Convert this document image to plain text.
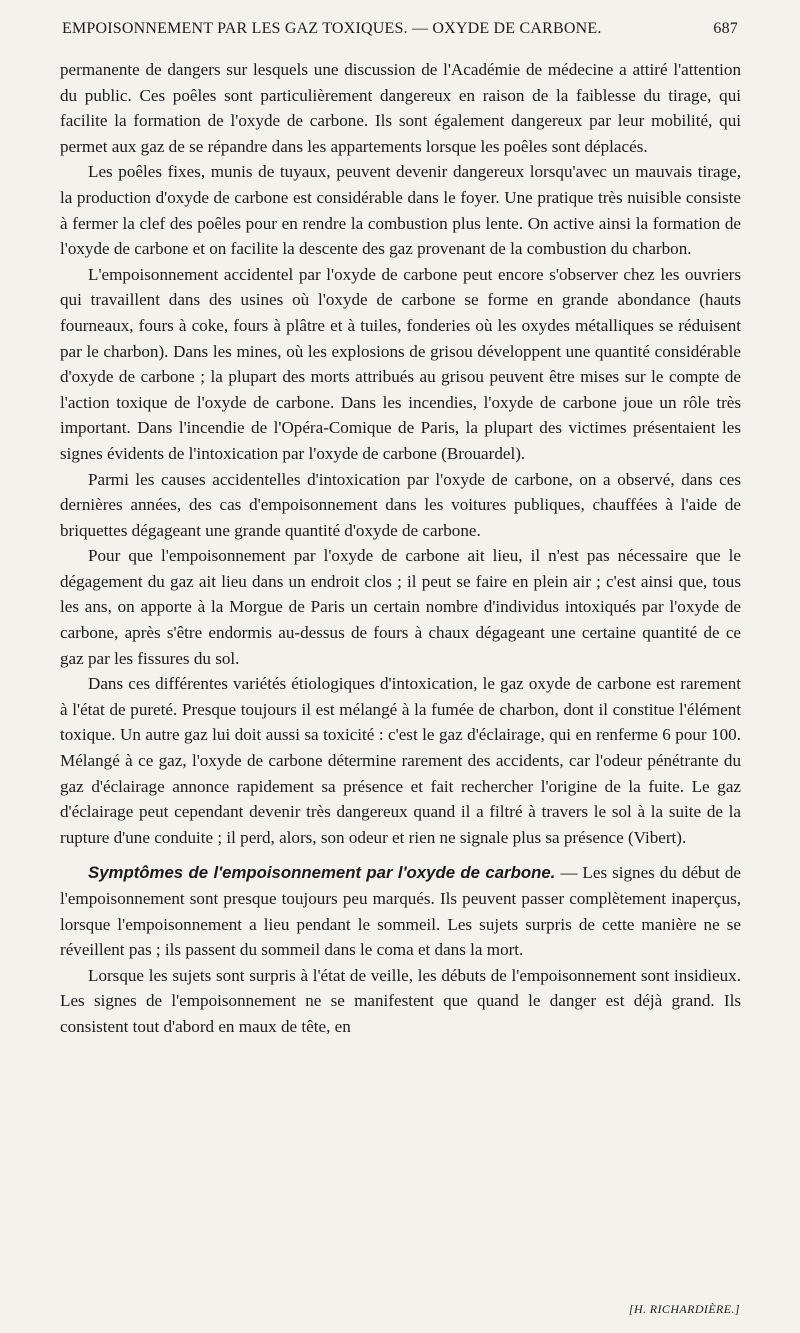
EMPOISONNEMENT PAR LES GAZ TOXIQUES. — OXYDE DE CARBONE.	687

permanente de dangers sur lesquels une discussion de l'Académie de médecine a attiré l'attention du public. Ces poêles sont particulièrement dangereux en raison de la faiblesse du tirage, qui facilite la formation de l'oxyde de carbone. Ils sont également dangereux par leur mobilité, qui permet aux gaz de se répandre dans les appartements lorsque les poêles sont déplacés.

Les poêles fixes, munis de tuyaux, peuvent devenir dangereux lorsqu'avec un mauvais tirage, la production d'oxyde de carbone est considérable dans le foyer. Une pratique très nuisible consiste à fermer la clef des poêles pour en rendre la combustion plus lente. On active ainsi la formation de l'oxyde de carbone et on facilite la descente des gaz provenant de la combustion du charbon.

L'empoisonnement accidentel par l'oxyde de carbone peut encore s'observer chez les ouvriers qui travaillent dans des usines où l'oxyde de carbone se forme en grande abondance (hauts fourneaux, fours à coke, fours à plâtre et à tuiles, fonderies où les oxydes métalliques se réduisent par le charbon). Dans les mines, où les explosions de grisou développent une quantité considérable d'oxyde de carbone ; la plupart des morts attribués au grisou peuvent être mises sur le compte de l'action toxique de l'oxyde de carbone. Dans les incendies, l'oxyde de carbone joue un rôle très important. Dans l'incendie de l'Opéra-Comique de Paris, la plupart des victimes présentaient les signes évidents de l'intoxication par l'oxyde de carbone (Brouardel).

Parmi les causes accidentelles d'intoxication par l'oxyde de carbone, on a observé, dans ces dernières années, des cas d'empoisonnement dans les voitures publiques, chauffées à l'aide de briquettes dégageant une grande quantité d'oxyde de carbone.

Pour que l'empoisonnement par l'oxyde de carbone ait lieu, il n'est pas nécessaire que le dégagement du gaz ait lieu dans un endroit clos ; il peut se faire en plein air ; c'est ainsi que, tous les ans, on apporte à la Morgue de Paris un certain nombre d'individus intoxiqués par l'oxyde de carbone, après s'être endormis au-dessus de fours à chaux dégageant une certaine quantité de ce gaz par les fissures du sol.

Dans ces différentes variétés étiologiques d'intoxication, le gaz oxyde de carbone est rarement à l'état de pureté. Presque toujours il est mélangé à la fumée de charbon, dont il constitue l'élément toxique. Un autre gaz lui doit aussi sa toxicité : c'est le gaz d'éclairage, qui en renferme 6 pour 100. Mélangé à ce gaz, l'oxyde de carbone détermine rarement des accidents, car l'odeur pénétrante du gaz d'éclairage annonce rapidement sa présence et fait rechercher l'origine de la fuite. Le gaz d'éclairage peut cependant devenir très dangereux quand il a filtré à travers le sol à la suite de la rupture d'une conduite ; il perd, alors, son odeur et rien ne signale plus sa présence (Vibert).

Symptômes de l'empoisonnement par l'oxyde de carbone. — Les signes du début de l'empoisonnement sont presque toujours peu marqués. Ils peuvent passer complètement inaperçus, lorsque l'empoisonnement a lieu pendant le sommeil. Les sujets surpris de cette manière ne se réveillent pas ; ils passent du sommeil dans le coma et dans la mort.

Lorsque les sujets sont surpris à l'état de veille, les débuts de l'empoisonnement sont insidieux. Les signes de l'empoisonnement ne se manifestent que quand le danger est déjà grand. Ils consistent tout d'abord en maux de tête, en

[H. RICHARDIÈRE.]
